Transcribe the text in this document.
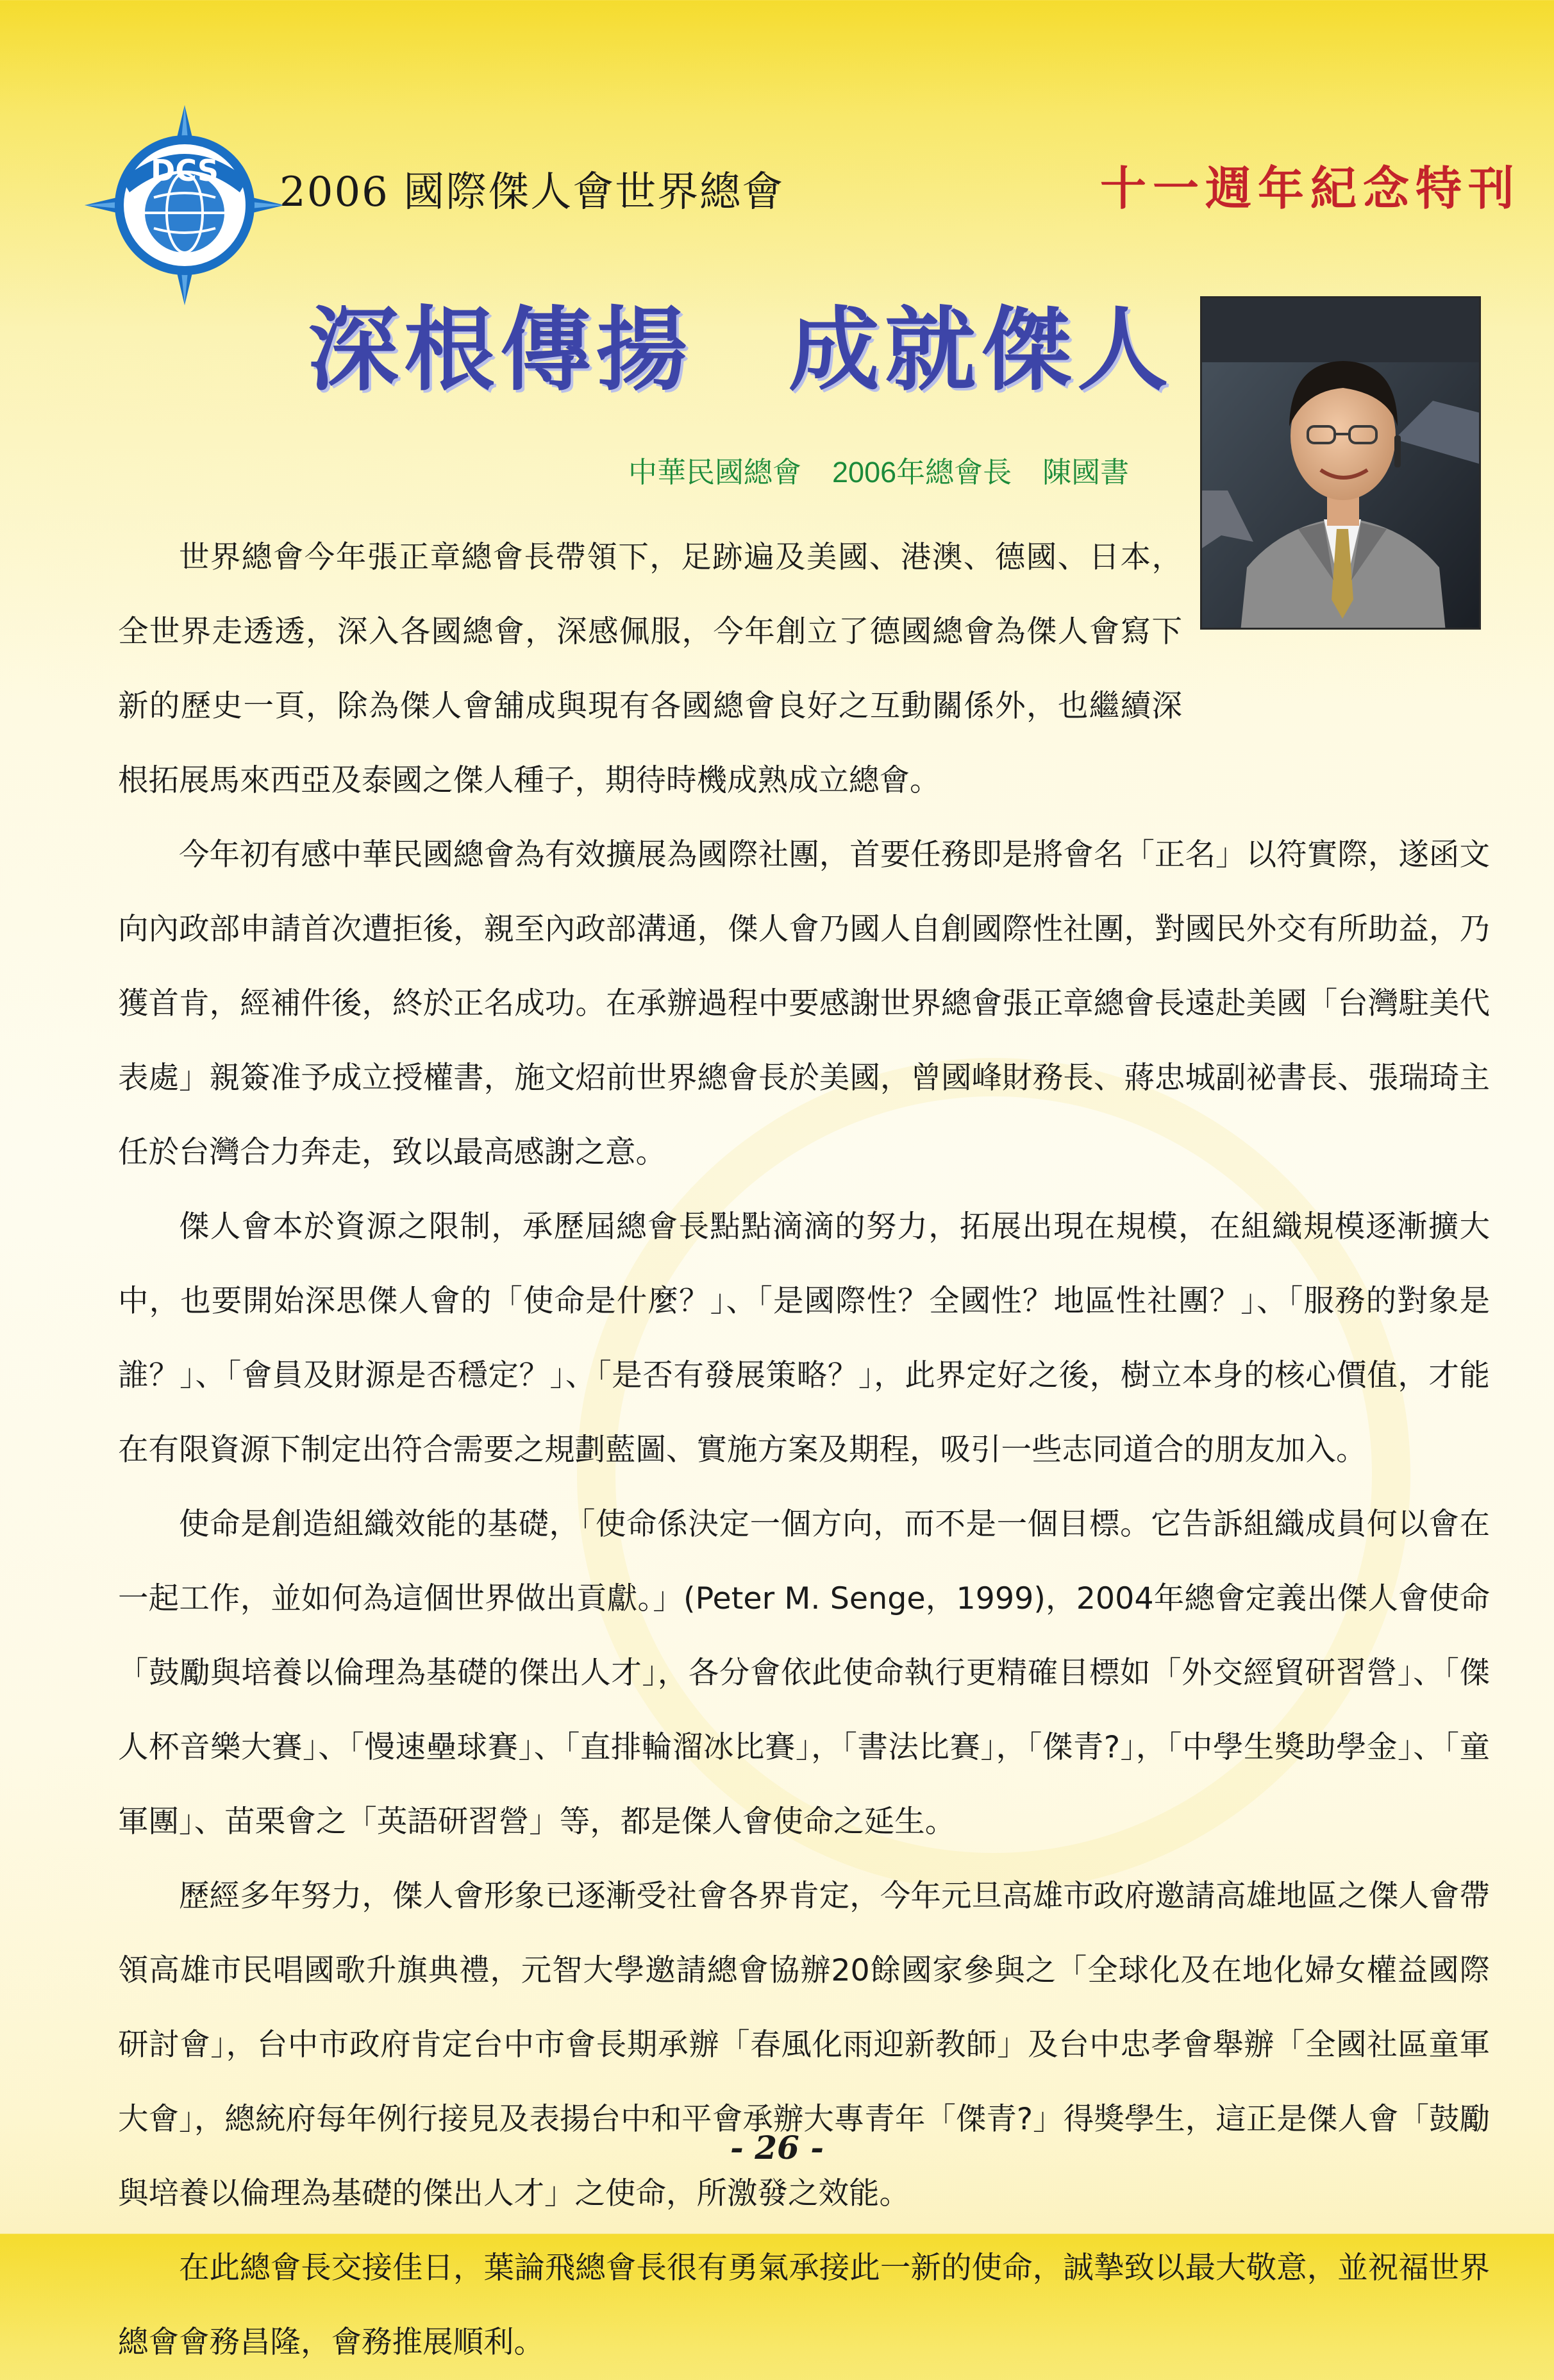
DCS 2006 國際傑人會世界總會	十一週年紀念特刊
深根傳揚　成就傑人
中華民國總會 2006年總會長 陳國書

世界總會今年張正章總會長帶領下，足跡遍及美國、港澳、德國、日本，全世界走透透，深入各國總會，深感佩服，今年創立了德國總會為傑人會寫下新的歷史一頁，除為傑人會舖成與現有各國總會良好之互動關係外，也繼續深根拓展馬來西亞及泰國之傑人種子，期待時機成熟成立總會。

今年初有感中華民國總會為有效擴展為國際社團，首要任務即是將會名「正名」以符實際，遂函文向內政部申請首次遭拒後，親至內政部溝通，傑人會乃國人自創國際性社團，對國民外交有所助益，乃獲首肯，經補件後，終於正名成功。在承辦過程中要感謝世界總會張正章總會長遠赴美國「台灣駐美代表處」親簽准予成立授權書，施文炤前世界總會長於美國，曾國峰財務長、蔣忠城副祕書長、張瑞琦主任於台灣合力奔走，致以最高感謝之意。

傑人會本於資源之限制，承歷屆總會長點點滴滴的努力，拓展出現在規模，在組織規模逐漸擴大中，也要開始深思傑人會的「使命是什麼？」、「是國際性？全國性？地區性社團？」、「服務的對象是誰？」、「會員及財源是否穩定？」、「是否有發展策略？」，此界定好之後，樹立本身的核心價值，才能在有限資源下制定出符合需要之規劃藍圖、實施方案及期程，吸引一些志同道合的朋友加入。

使命是創造組織效能的基礎，「使命係決定一個方向，而不是一個目標。它告訴組織成員何以會在一起工作，並如何為這個世界做出貢獻。」(Peter M. Senge，1999)，2004年總會定義出傑人會使命「鼓勵與培養以倫理為基礎的傑出人才」，各分會依此使命執行更精確目標如「外交經貿研習營」、「傑人杯音樂大賽」、「慢速壘球賽」、「直排輪溜冰比賽」，「書法比賽」，「傑青?」，「中學生獎助學金」、「童軍團」、苗栗會之「英語研習營」等，都是傑人會使命之延生。

歷經多年努力，傑人會形象已逐漸受社會各界肯定，今年元旦高雄市政府邀請高雄地區之傑人會帶領高雄市民唱國歌升旗典禮，元智大學邀請總會協辦20餘國家參與之「全球化及在地化婦女權益國際研討會」，台中市政府肯定台中市會長期承辦「春風化雨迎新教師」及台中忠孝會舉辦「全國社區童軍大會」，總統府每年例行接見及表揚台中和平會承辦大專青年「傑青?」得獎學生，這正是傑人會「鼓勵與培養以倫理為基礎的傑出人才」之使命，所激發之效能。

在此總會長交接佳日，葉論飛總會長很有勇氣承接此一新的使命，誠摯致以最大敬意，並祝福世界總會會務昌隆，會務推展順利。

- 26 -
